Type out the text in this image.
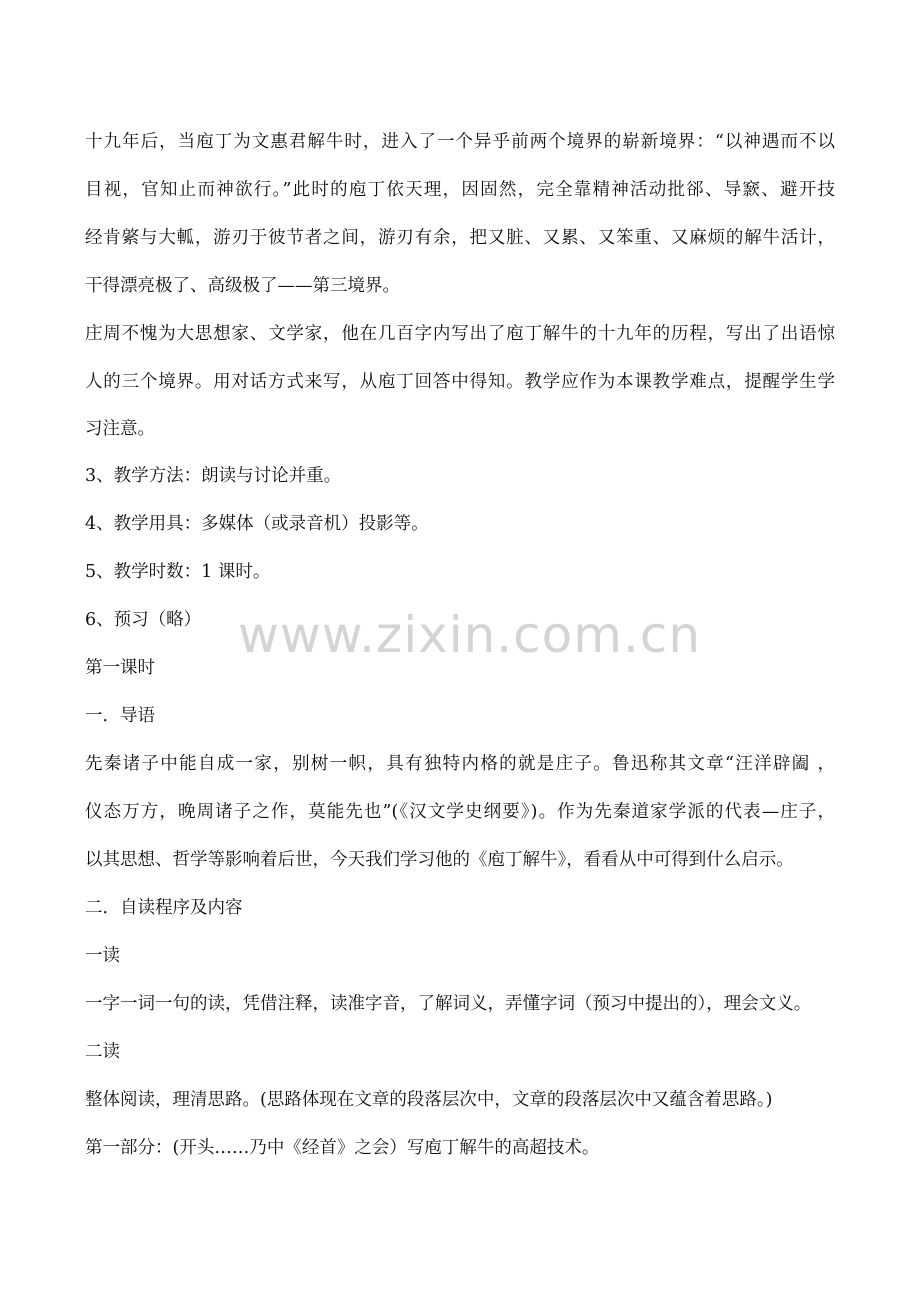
十九年后，当庖丁为文惠君解牛时，进入了一个异乎前两个境界的崭新境界：“以神遇而不以
目视，官知止而神欲行。”此时的庖丁依天理，因固然，完全靠精神活动批郤、导窾、避开技
经肯綮与大軱，游刃于彼节者之间，游刃有余，把又脏、又累、又笨重、又麻烦的解牛活计，
干得漂亮极了、高级极了——第三境界。
庄周不愧为大思想家、文学家，他在几百字内写出了庖丁解牛的十九年的历程，写出了出语惊
人的三个境界。用对话方式来写，从庖丁回答中得知。教学应作为本课教学难点，提醒学生学
习注意。
3、教学方法：朗读与讨论并重。
4、教学用具：多媒体（或录音机）投影等。
5、教学时数：1 课时。
6、预习（略）
第一课时
一．导语
先秦诸子中能自成一家，别树一帜，具有独特内格的就是庄子。鲁迅称其文章“汪洋辟阖 ，
仪态万方，晚周诸子之作，莫能先也”(《汉文学史纲要》)。作为先秦道家学派的代表—庄子，
以其思想、哲学等影响着后世，今天我们学习他的《庖丁解牛》，看看从中可得到什么启示。
二．自读程序及内容
一读
一字一词一句的读，凭借注释，读准字音，了解词义，弄懂字词（预习中提出的），理会文义。
二读
整体阅读，理清思路。(思路体现在文章的段落层次中，文章的段落层次中又蕴含着思路。)
第一部分：(开头……乃中《经首》之会）写庖丁解牛的高超技术。
www.zixin.com.cn
